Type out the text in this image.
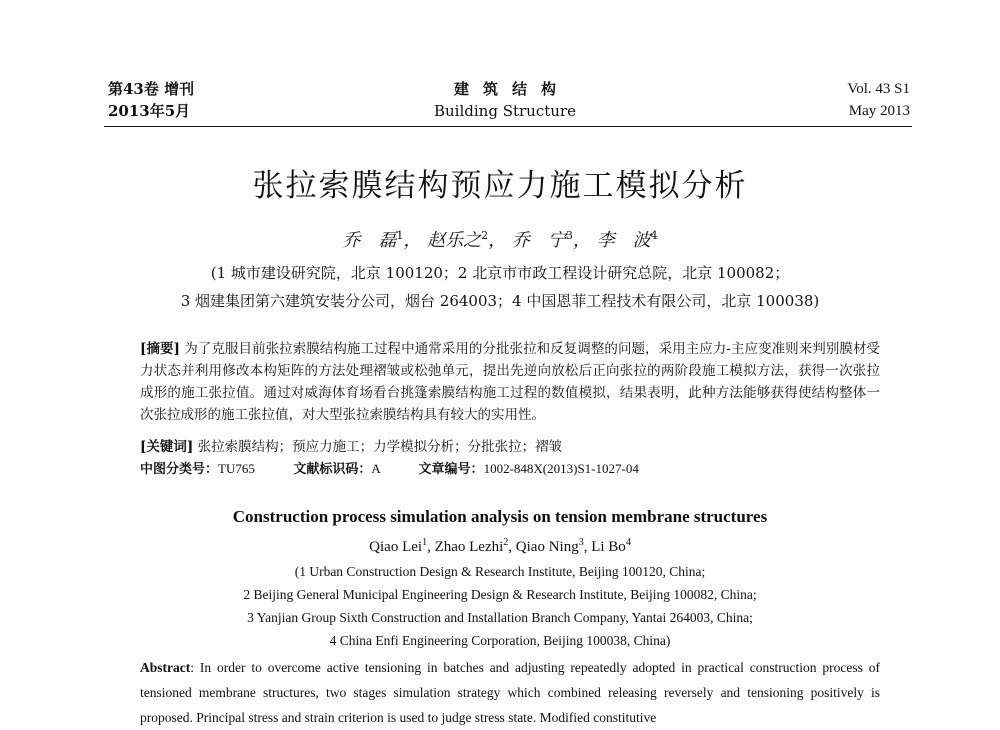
第43卷 增刊
2013年5月
建筑结构
Building Structure
Vol. 43 S1
May 2013
张拉索膜结构预应力施工模拟分析
乔　磊$^1$， 赵乐之$^2$， 乔　宁$^3$， 李　波$^4$
(1 城市建设研究院，北京 100120；2 北京市市政工程设计研究总院，北京 100082；
3 烟建集团第六建筑安装分公司，烟台 264003；4 中国恩菲工程技术有限公司，北京 100038)
[摘要] 为了克服目前张拉索膜结构施工过程中通常采用的分批张拉和反复调整的问题，采用主应力-主应变准则来判别膜材受力状态并利用修改本构矩阵的方法处理褶皱或松弛单元，提出先逆向放松后正向张拉的两阶段施工模拟方法，获得一次张拉成形的施工张拉值。通过对威海体育场看台挑篷索膜结构施工过程的数值模拟，结果表明，此种方法能够获得使结构整体一次张拉成形的施工张拉值，对大型张拉索膜结构具有较大的实用性。
[关键词] 张拉索膜结构；预应力施工；力学模拟分析；分批张拉；褶皱
中图分类号：TU765	文献标识码：A	文章编号：1002-848X(2013)S1-1027-04
Construction process simulation analysis on tension membrane structures
Qiao Lei$^1$, Zhao Lezhi$^2$, Qiao Ning$^3$, Li Bo$^4$
(1 Urban Construction Design & Research Institute, Beijing 100120, China;
2 Beijing General Municipal Engineering Design & Research Institute, Beijing 100082, China;
3 Yanjian Group Sixth Construction and Installation Branch Company, Yantai 264003, China;
4 China Enfi Engineering Corporation, Beijing 100038, China)
Abstract: In order to overcome active tensioning in batches and adjusting repeatedly adopted in practical construction process of tensioned membrane structures, two stages simulation strategy which combined releasing reversely and tensioning positively is proposed. Principal stress and strain criterion is used to judge stress state. Modified constitutive
